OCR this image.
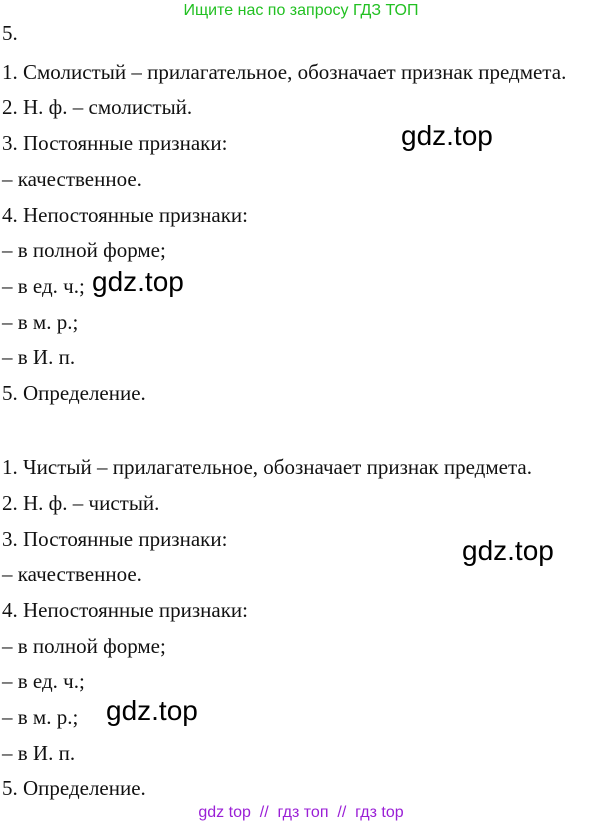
Ищите нас по запросу ГДЗ ТОП
5.
1. Смолистый – прилагательное, обозначает признак предмета.
2. Н. ф. – смолистый.
3. Постоянные признаки:
– качественное.
4. Непостоянные признаки:
– в полной форме;
– в ед. ч.;
– в м. р.;
– в И. п.
5. Определение.
1. Чистый – прилагательное, обозначает признак предмета.
2. Н. ф. – чистый.
3. Постоянные признаки:
– качественное.
4. Непостоянные признаки:
– в полной форме;
– в ед. ч.;
– в м. р.;
– в И. п.
5. Определение.
gdz.top
gdz.top
gdz.top
gdz.top
gdz top  //  гдз топ  //  гдз top
